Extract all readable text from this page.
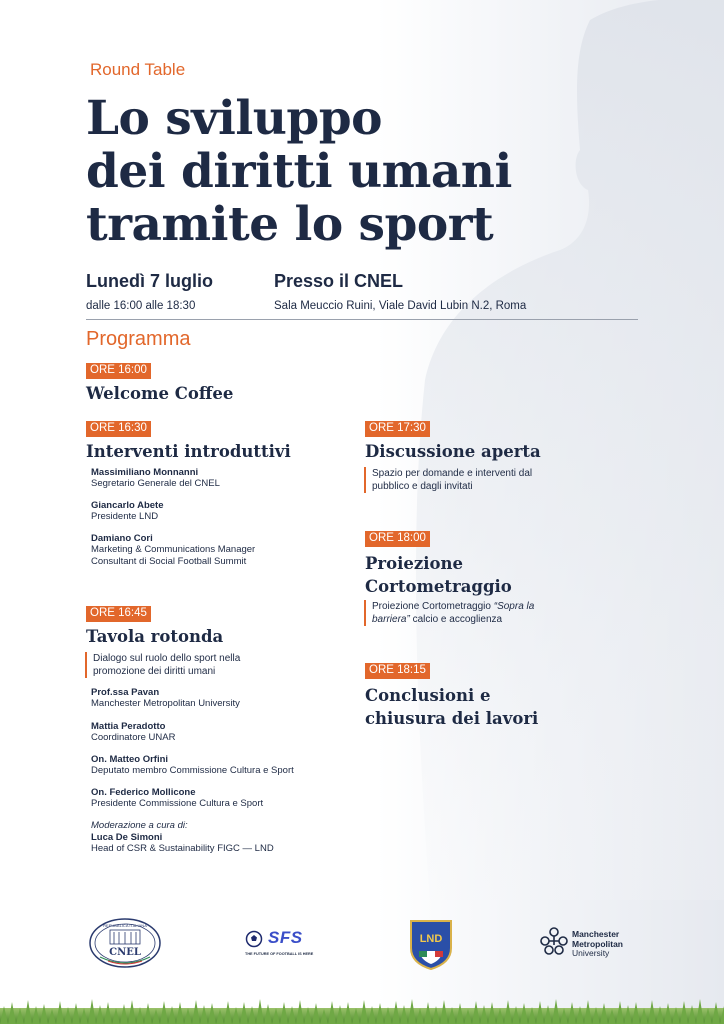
Round Table
Lo sviluppo
dei diritti umani
tramite lo sport
Lunedì 7 luglio
dalle 16:00 alle 18:30
Presso il CNEL
Sala Meuccio Ruini, Viale David Lubin N.2, Roma
Programma
ORE 16:00
Welcome Coffee
ORE 16:30
Interventi introduttivi
Massimiliano Monnanni
Segretario Generale del CNEL
Giancarlo Abete
Presidente LND
Damiano Cori
Marketing & Communications Manager
Consultant di Social Football Summit
ORE 16:45
Tavola rotonda
Dialogo sul ruolo dello sport nella
promozione dei diritti umani
Prof.ssa Pavan
Manchester Metropolitan University
Mattia Peradotto
Coordinatore UNAR
On. Matteo Orfini
Deputato membro Commissione Cultura e Sport
On. Federico Mollicone
Presidente Commissione Cultura e Sport
Moderazione a cura di:
Luca De Simoni
Head of CSR & Sustainability FIGC — LND
ORE 17:30
Discussione aperta
Spazio per domande e interventi dal
pubblico e dagli invitati
ORE 18:00
Proiezione
Cortometraggio
Proiezione Cortometraggio “Sopra la
barriera” calcio e accoglienza
ORE 18:15
Conclusioni e
chiusura dei lavori
REPUBBLICA ITALIANA
CNEL
SFS
THE FUTURE OF FOOTBALL IS HERE
LND	Manchester
Metropolitan
University
